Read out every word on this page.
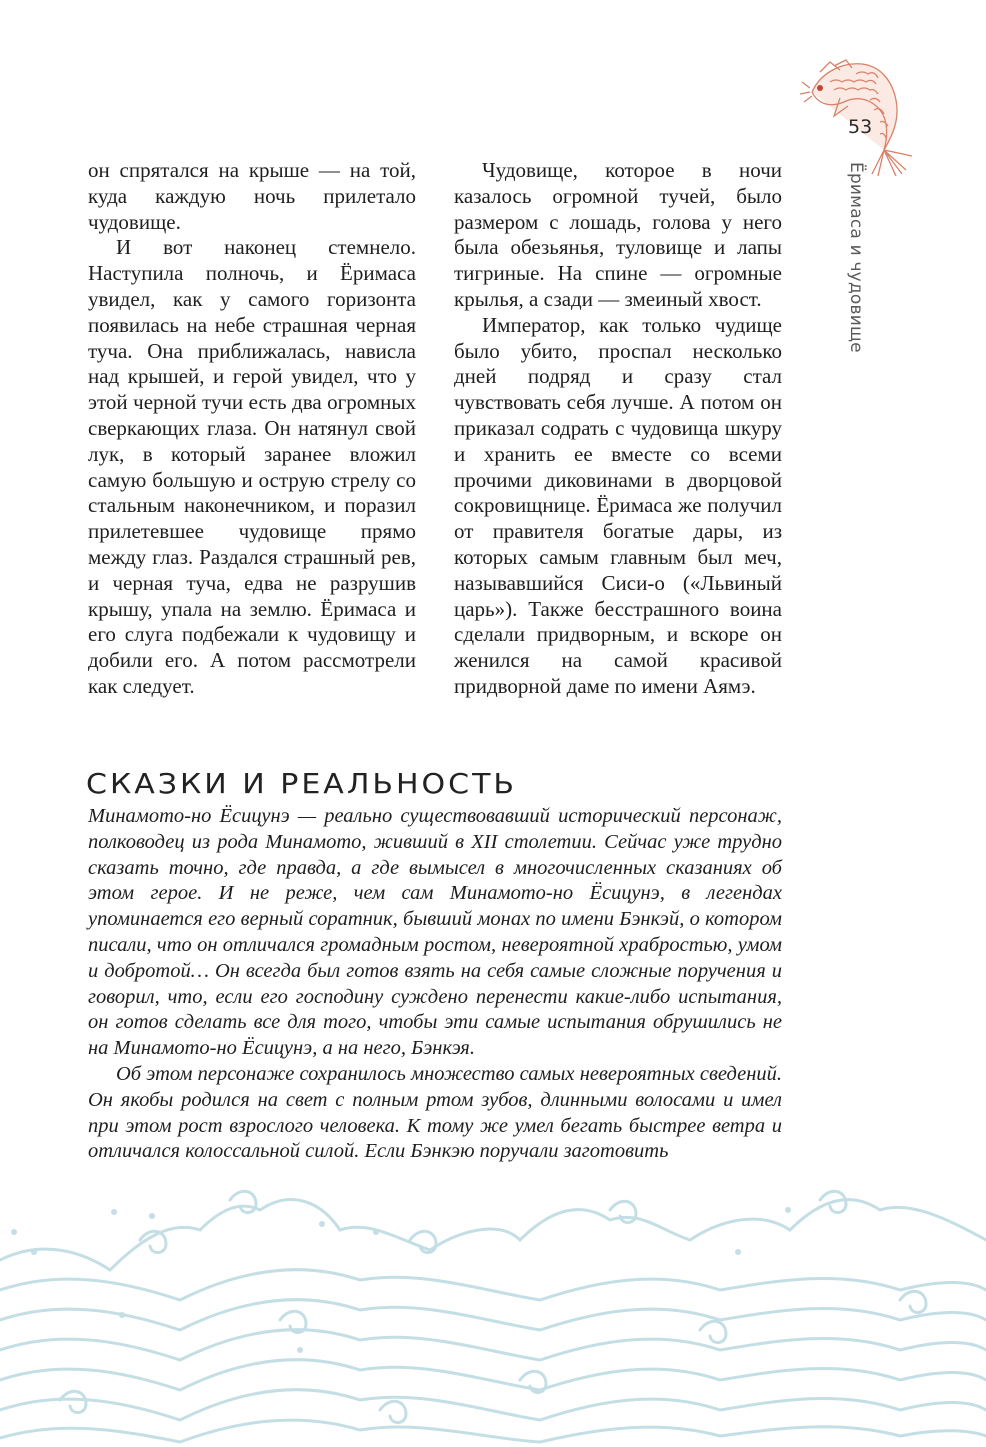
53
Ёримаса и чудовище

он спрятался на крыше — на той, куда каждую ночь прилетало чудовище.

И вот наконец стемнело. Наступила полночь, и Ёримаса увидел, как у самого горизонта появилась на небе страшная черная туча. Она приближалась, нависла над крышей, и герой увидел, что у этой черной тучи есть два огромных сверкающих глаза. Он натянул свой лук, в который заранее вложил самую большую и острую стрелу со стальным наконечником, и поразил прилетевшее чудовище прямо между глаз. Раздался страшный рев, и черная туча, едва не разрушив крышу, упала на землю. Ёримаса и его слуга подбежали к чудовищу и добили его. А потом рассмотрели как следует.

Чудовище, которое в ночи казалось огромной тучей, было размером с лошадь, голова у него была обезьянья, туловище и лапы тигриные. На спине — огромные крылья, а сзади — змеиный хвост.

Император, как только чудище было убито, проспал несколько дней подряд и сразу стал чувствовать себя лучше. А потом он приказал содрать с чудовища шкуру и хранить ее вместе со всеми прочими диковинами в дворцовой сокровищнице. Ёримаса же получил от правителя богатые дары, из которых самым главным был меч, называвшийся Сиси-о («Львиный царь»). Также бесстрашного воина сделали придворным, и вскоре он женился на самой красивой придворной даме по имени Аямэ.

СКАЗКИ И РЕАЛЬНОСТЬ

Минамото-но Ёсицунэ — реально существовавший исторический персонаж, полководец из рода Минамото, живший в XII столетии. Сейчас уже трудно сказать точно, где правда, а где вымысел в многочисленных сказаниях об этом герое. И не реже, чем сам Минамото-но Ёсицунэ, в легендах упоминается его верный соратник, бывший монах по имени Бэнкэй, о котором писали, что он отличался громадным ростом, невероятной храбростью, умом и добротой… Он всегда был готов взять на себя самые сложные поручения и говорил, что, если его господину суждено перенести какие-либо испытания, он готов сделать все для того, чтобы эти самые испытания обрушились не на Минамото-но Ёсицунэ, а на него, Бэнкэя.

Об этом персонаже сохранилось множество самых невероятных сведений. Он якобы родился на свет с полным ртом зубов, длинными волосами и имел при этом рост взрослого человека. К тому же умел бегать быстрее ветра и отличался колоссальной силой. Если Бэнкэю поручали заготовить
